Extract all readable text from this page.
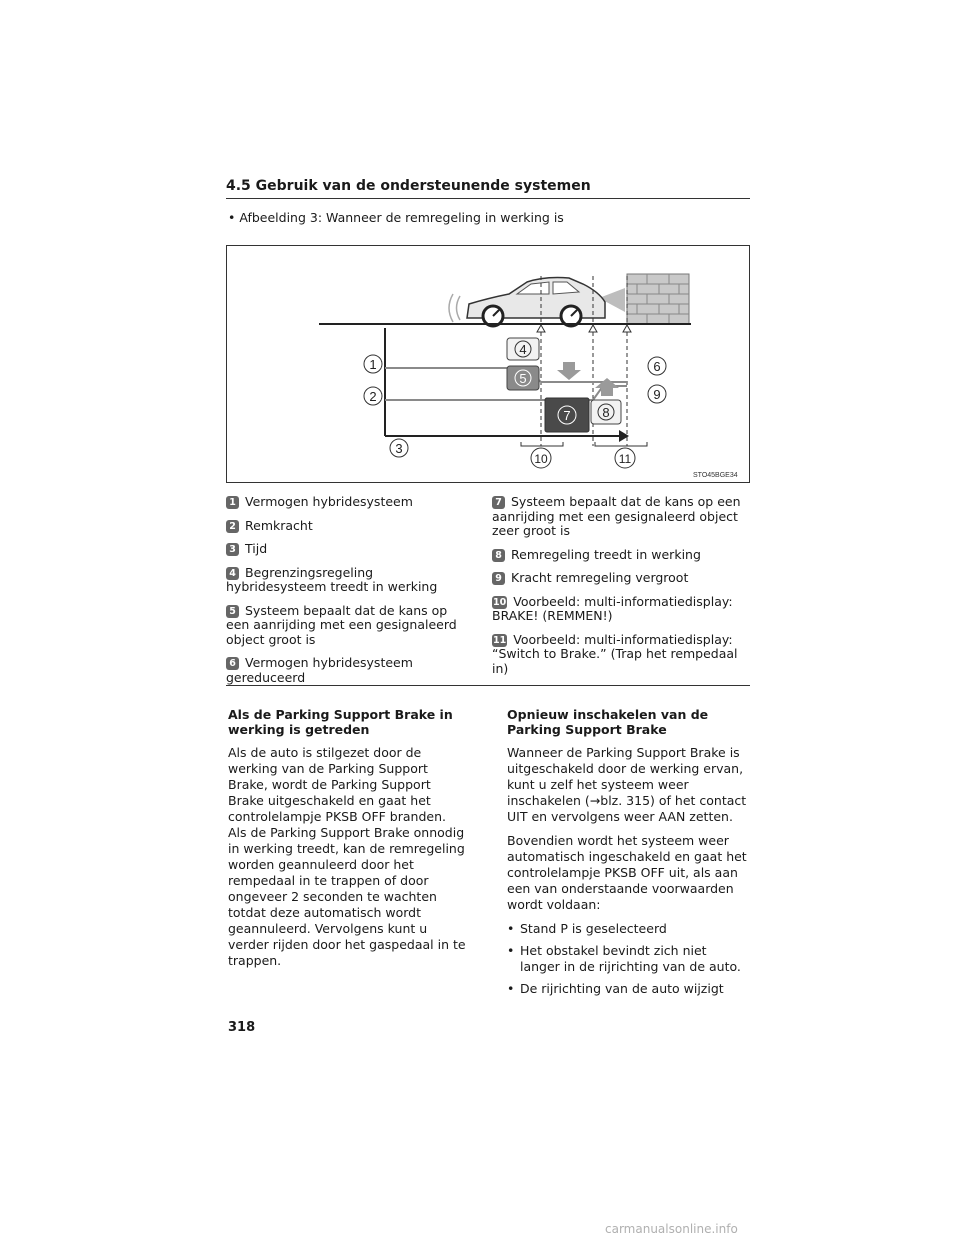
4.5 Gebruik van de ondersteunende systemen
• Afbeelding 3: Wanneer de remregeling in werking is
1
2
3
4
5
6
7 8
9
10	11
STO45BGE34
1 Vermogen hybridesysteem
2 Remkracht
3 Tijd
4 Begrenzingsregeling hybridesysteem treedt in werking
5 Systeem bepaalt dat de kans op een aanrijding met een gesignaleerd object groot is
6 Vermogen hybridesysteem gereduceerd
7 Systeem bepaalt dat de kans op een aanrijding met een gesignaleerd object zeer groot is
8 Remregeling treedt in werking
9 Kracht remregeling vergroot
10 Voorbeeld: multi-informatiedisplay: BRAKE! (REMMEN!)
11 Voorbeeld: multi-informatiedisplay: “Switch to Brake.” (Trap het rempedaal in)
Als de Parking Support Brake in werking is getreden

Als de auto is stilgezet door de werking van de Parking Support Brake, wordt de Parking Support Brake uitgeschakeld en gaat het controlelampje PKSB OFF branden. Als de Parking Support Brake onnodig in werking treedt, kan de remregeling worden geannuleerd door het rempedaal in te trappen of door ongeveer 2 seconden te wachten totdat deze automatisch wordt geannuleerd. Vervolgens kunt u verder rijden door het gaspedaal in te trappen.

Opnieuw inschakelen van de Parking Support Brake

Wanneer de Parking Support Brake is uitgeschakeld door de werking ervan, kunt u zelf het systeem weer inschakelen (→blz. 315) of het contact UIT en vervolgens weer AAN zetten.

Bovendien wordt het systeem weer automatisch ingeschakeld en gaat het controlelampje PKSB OFF uit, als aan een van onderstaande voorwaarden wordt voldaan:

• Stand P is geselecteerd
• Het obstakel bevindt zich niet langer in de rijrichting van de auto.
• De rijrichting van de auto wijzigt
318
carmanualsonline.info
